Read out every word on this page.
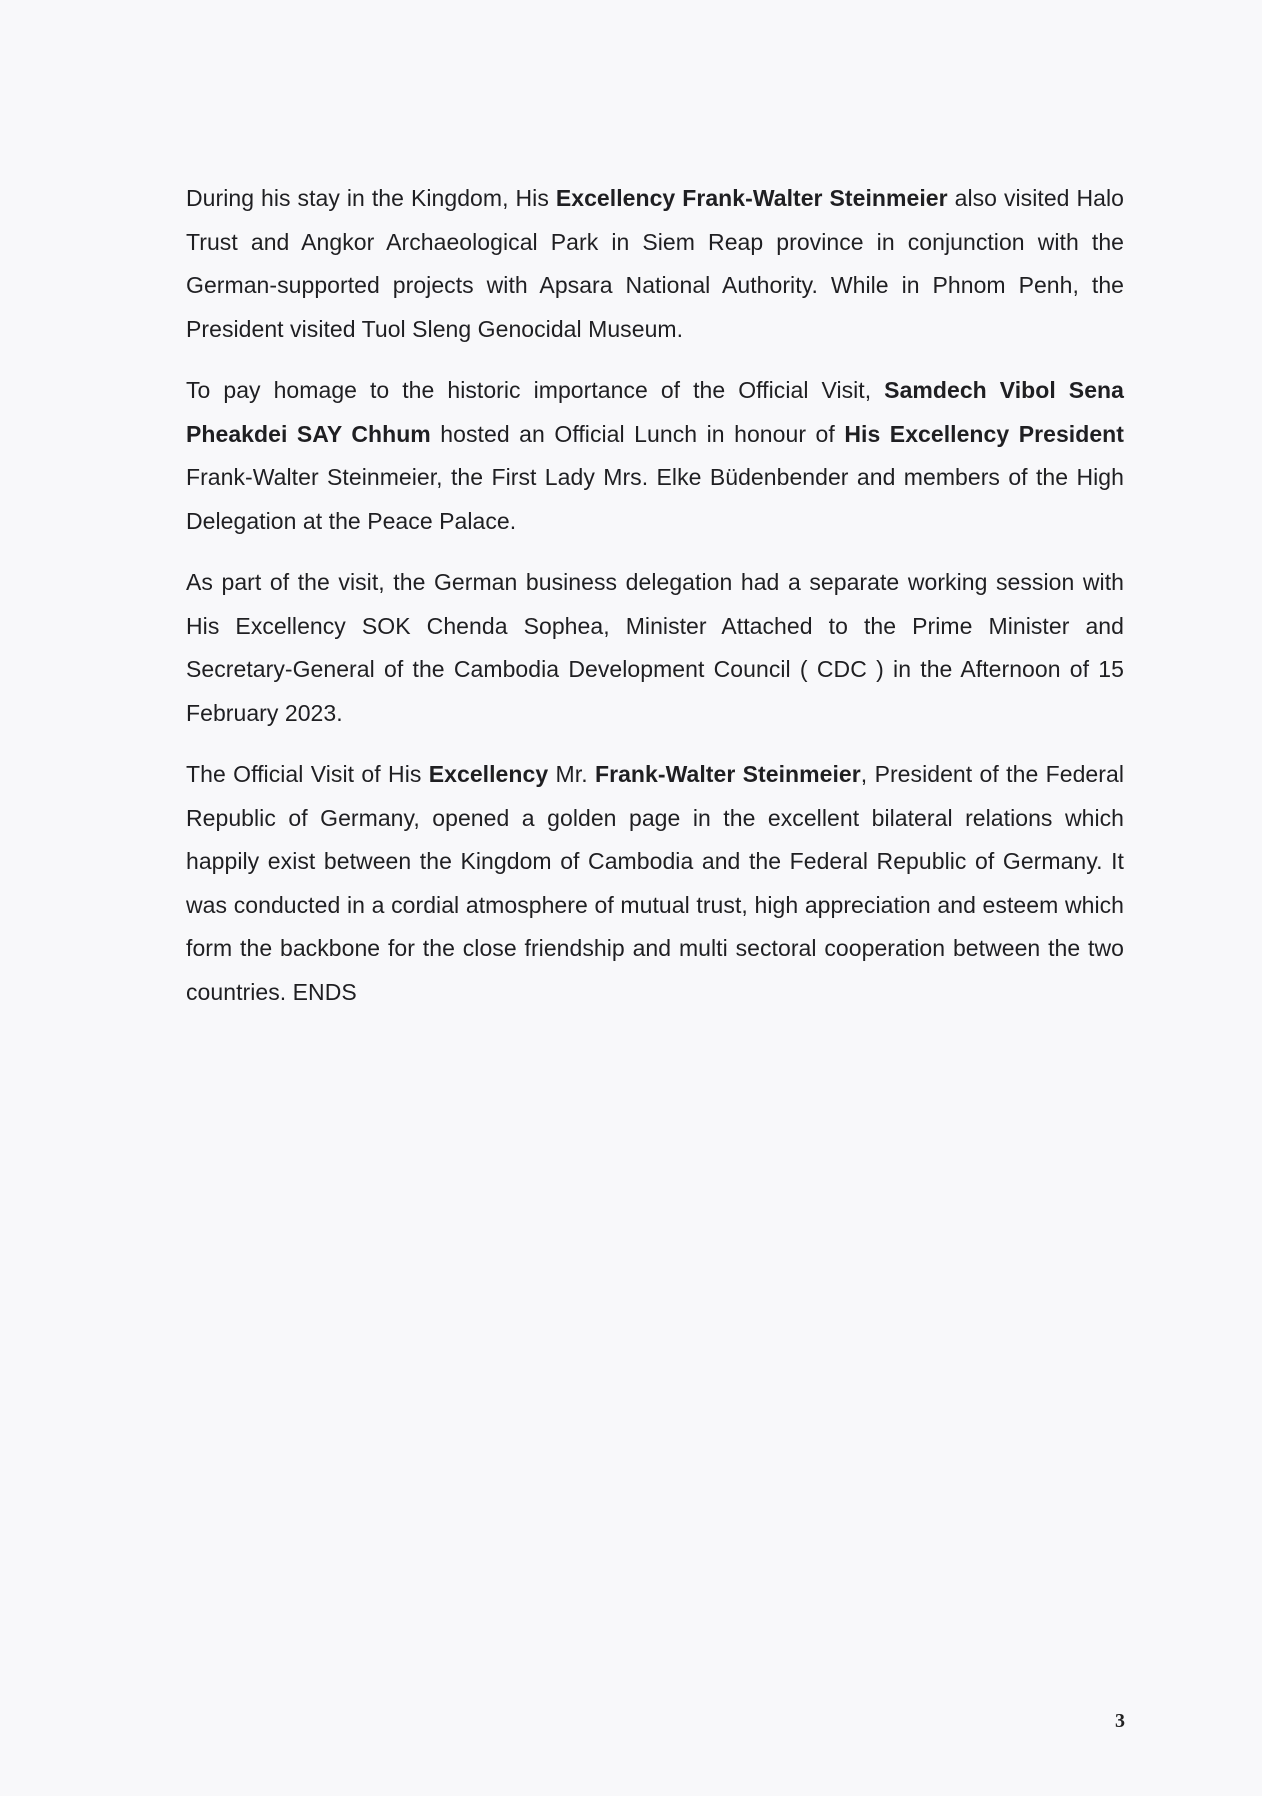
During his stay in the Kingdom, His Excellency Frank-Walter Steinmeier also visited Halo Trust and Angkor Archaeological Park in Siem Reap province in conjunction with the German-supported projects with Apsara National Authority. While in Phnom Penh, the President visited Tuol Sleng Genocidal Museum.

To pay homage to the historic importance of the Official Visit, Samdech Vibol Sena Pheakdei SAY Chhum hosted an Official Lunch in honour of His Excellency President Frank-Walter Steinmeier, the First Lady Mrs. Elke Büdenbender and members of the High Delegation at the Peace Palace.

As part of the visit, the German business delegation had a separate working session with His Excellency SOK Chenda Sophea, Minister Attached to the Prime Minister and Secretary-General of the Cambodia Development Council ( CDC ) in the Afternoon of 15 February 2023.

The Official Visit of His Excellency Mr. Frank-Walter Steinmeier, President of the Federal Republic of Germany, opened a golden page in the excellent bilateral relations which happily exist between the Kingdom of Cambodia and the Federal Republic of Germany. It was conducted in a cordial atmosphere of mutual trust, high appreciation and esteem which form the backbone for the close friendship and multi sectoral cooperation between the two countries. ENDS

3
